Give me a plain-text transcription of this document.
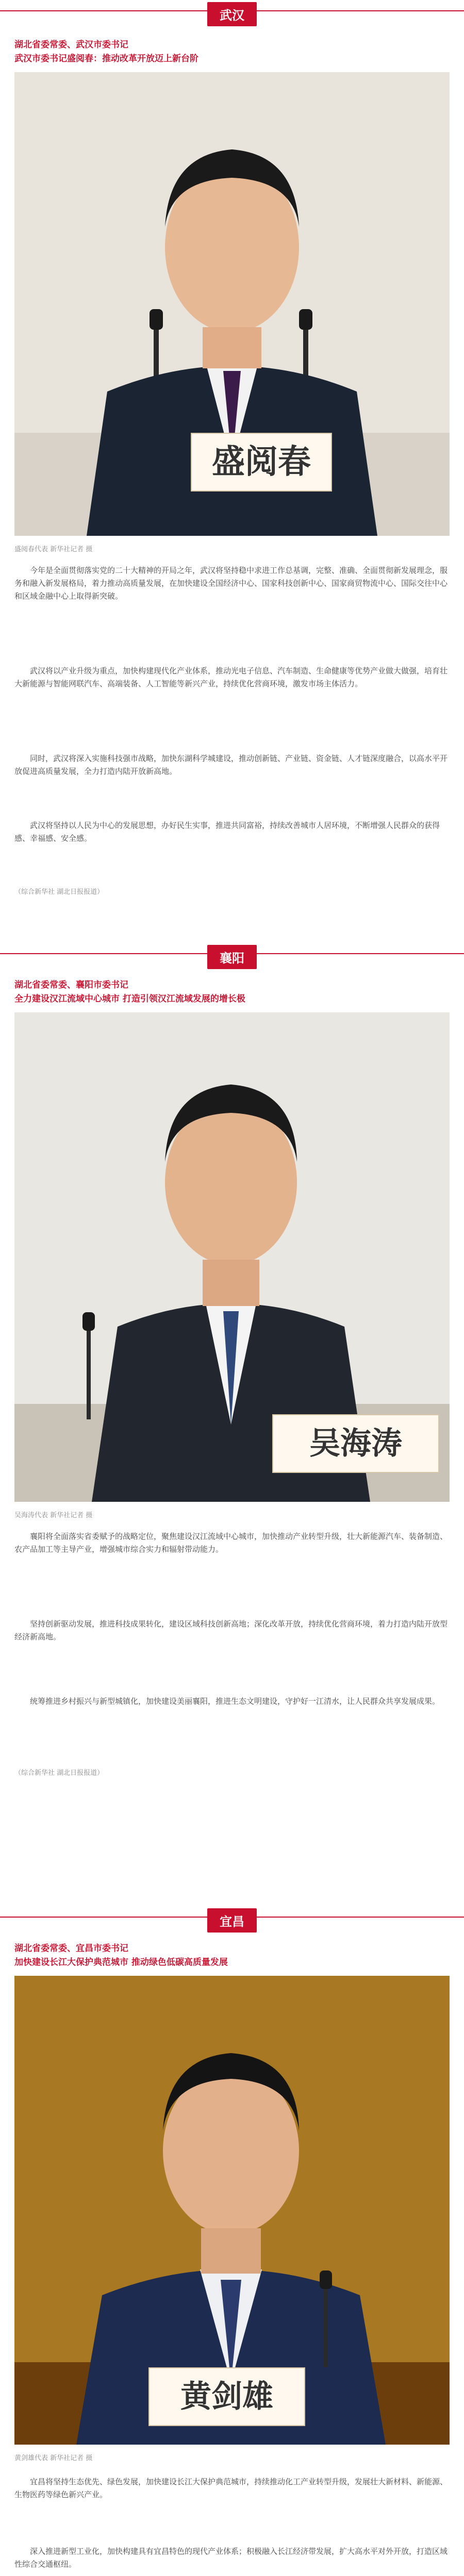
武汉
湖北省委常委、武汉市委书记
武汉市委书记盛阅春：推动改革开放迈上新台阶
盛阅春
盛阅春代表 新华社记者 摄

今年是全面贯彻落实党的二十大精神的开局之年，武汉将坚持稳中求进工作总基调，完整、准确、全面贯彻新发展理念，服务和融入新发展格局，着力推动高质量发展，在加快建设全国经济中心、国家科技创新中心、国家商贸物流中心、国际交往中心和区域金融中心上取得新突破。

武汉将以产业升级为重点，加快构建现代化产业体系，推动光电子信息、汽车制造、生命健康等优势产业做大做强，培育壮大新能源与智能网联汽车、高端装备、人工智能等新兴产业，持续优化营商环境，激发市场主体活力。

同时，武汉将深入实施科技强市战略，加快东湖科学城建设，推动创新链、产业链、资金链、人才链深度融合，以高水平开放促进高质量发展，全力打造内陆开放新高地。

武汉将坚持以人民为中心的发展思想，办好民生实事，推进共同富裕，持续改善城市人居环境，不断增强人民群众的获得感、幸福感、安全感。

（综合新华社 湖北日报报道）
襄阳
湖北省委常委、襄阳市委书记
全力建设汉江流域中心城市 打造引领汉江流域发展的增长极
吴海涛
吴海涛代表 新华社记者 摄

襄阳将全面落实省委赋予的战略定位，聚焦建设汉江流域中心城市，加快推动产业转型升级，壮大新能源汽车、装备制造、农产品加工等主导产业，增强城市综合实力和辐射带动能力。

坚持创新驱动发展，推进科技成果转化，建设区域科技创新高地；深化改革开放，持续优化营商环境，着力打造内陆开放型经济新高地。

统筹推进乡村振兴与新型城镇化，加快建设美丽襄阳，推进生态文明建设，守护好一江清水，让人民群众共享发展成果。

（综合新华社 湖北日报报道）
宜昌
湖北省委常委、宜昌市委书记
加快建设长江大保护典范城市 推动绿色低碳高质量发展
黄剑雄
黄剑雄代表 新华社记者 摄

宜昌将坚持生态优先、绿色发展，加快建设长江大保护典范城市，持续推动化工产业转型升级，发展壮大新材料、新能源、生物医药等绿色新兴产业。

深入推进新型工业化，加快构建具有宜昌特色的现代产业体系；积极融入长江经济带发展，扩大高水平对外开放，打造区域性综合交通枢纽。
